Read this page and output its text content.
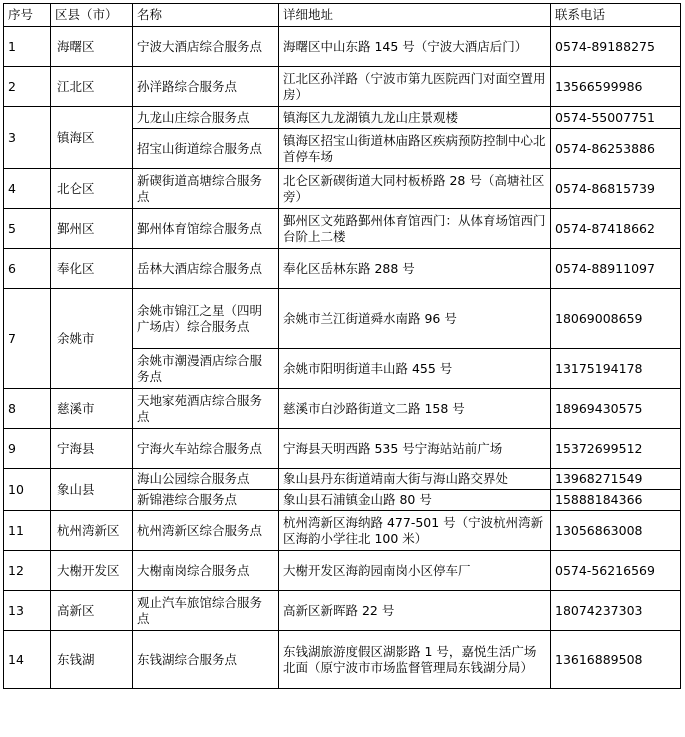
序号	区县（市）	名称	详细地址	联系电话
1	海曙区	宁波大酒店综合服务点	海曙区中山东路 145 号（宁波大酒店后门）	0574-89188275
2	江北区	孙洋路综合服务点	江北区孙洋路（宁波市第九医院西门对面空置用房）	13566599986
3	镇海区	九龙山庄综合服务点	镇海区九龙湖镇九龙山庄景观楼	0574-55007751
		招宝山街道综合服务点	镇海区招宝山街道林庙路区疾病预防控制中心北首停车场	0574-86253886
4	北仑区	新碶街道高塘综合服务点	北仑区新碶街道大同村板桥路 28 号（高塘社区旁）	0574-86815739
5	鄞州区	鄞州体育馆综合服务点	鄞州区文苑路鄞州体育馆西门：从体育场馆西门台阶上二楼	0574-87418662
6	奉化区	岳林大酒店综合服务点	奉化区岳林东路 288 号	0574-88911097
7	余姚市	余姚市锦江之星（四明广场店）综合服务点	余姚市兰江街道舜水南路 96 号	18069008659
		余姚市潮漫酒店综合服务点	余姚市阳明街道丰山路 455 号	13175194178
8	慈溪市	天地家苑酒店综合服务点	慈溪市白沙路街道文二路 158 号	18969430575
9	宁海县	宁海火车站综合服务点	宁海县天明西路 535 号宁海站站前广场	15372699512
10	象山县	海山公园综合服务点	象山县丹东街道靖南大街与海山路交界处	13968271549
		新锦港综合服务点	象山县石浦镇金山路 80 号	15888184366
11	杭州湾新区	杭州湾新区综合服务点	杭州湾新区海纳路 477-501 号（宁波杭州湾新区海韵小学往北 100 米）	13056863008
12	大榭开发区	大榭南岗综合服务点	大榭开发区海韵园南岗小区停车厂	0574-56216569
13	高新区	观止汽车旅馆综合服务点	高新区新晖路 22 号	18074237303
14	东钱湖	东钱湖综合服务点	东钱湖旅游度假区湖影路 1 号，嘉悦生活广场北面（原宁波市市场监督管理局东钱湖分局）	13616889508
